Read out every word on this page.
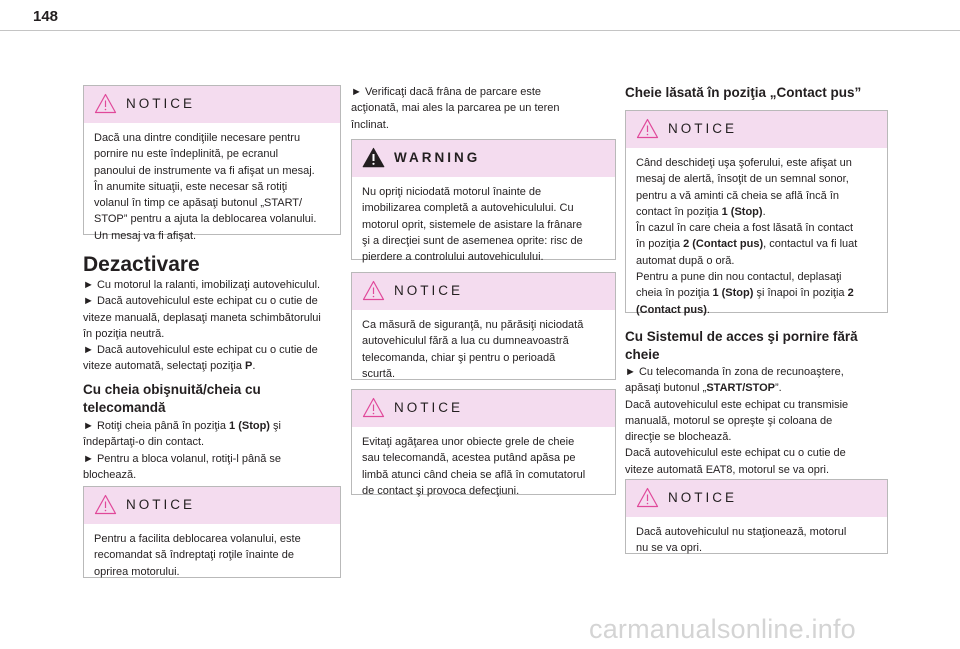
148
NOTICE
Dacă una dintre condiţiile necesare pentru
pornire nu este îndeplinită, pe ecranul
panoului de instrumente va fi afişat un mesaj.
În anumite situaţii, este necesar să rotiţi
volanul în timp ce apăsaţi butonul „START/
STOP” pentru a ajuta la deblocarea volanului.
Un mesaj va fi afişat.
Dezactivare
► Cu motorul la ralanti, imobilizaţi autovehiculul.
► Dacă autovehiculul este echipat cu o cutie de
viteze manuală, deplasaţi maneta schimbătorului
în poziţia neutră.
► Dacă autovehiculul este echipat cu o cutie de
viteze automată, selectaţi poziţia P.
Cu cheia obişnuită/cheia cu
telecomandă
► Rotiţi cheia până în poziţia 1 (Stop) şi
îndepărtaţi-o din contact.
► Pentru a bloca volanul, rotiţi-l până se
blochează.
NOTICE
Pentru a facilita deblocarea volanului, este
recomandat să îndreptaţi roţile înainte de
oprirea motorului.
► Verificaţi dacă frâna de parcare este
acţionată, mai ales la parcarea pe un teren
înclinat.
WARNING
Nu opriţi niciodată motorul înainte de
imobilizarea completă a autovehiculului. Cu
motorul oprit, sistemele de asistare la frânare
şi a direcţiei sunt de asemenea oprite: risc de
pierdere a controlului autovehiculului.
NOTICE
Ca măsură de siguranţă, nu părăsiţi niciodată
autovehiculul fără a lua cu dumneavoastră
telecomanda, chiar şi pentru o perioadă
scurtă.
NOTICE
Evitaţi agăţarea unor obiecte grele de cheie
sau telecomandă, acestea putând apăsa pe
limbă atunci când cheia se află în comutatorul
de contact şi provoca defecţiuni.
Cheie lăsată în poziţia „Contact pus”
NOTICE
Când deschideţi uşa şoferului, este afişat un
mesaj de alertă, însoţit de un semnal sonor,
pentru a vă aminti că cheia se află încă în
contact în poziţia 1 (Stop).
În cazul în care cheia a fost lăsată în contact
în poziţia 2 (Contact pus), contactul va fi luat
automat după o oră.
Pentru a pune din nou contactul, deplasaţi
cheia în poziţia 1 (Stop) şi înapoi în poziţia 2
(Contact pus).
Cu Sistemul de acces şi pornire fără
cheie
► Cu telecomanda în zona de recunoaştere,
apăsaţi butonul „START/STOP”.
Dacă autovehiculul este echipat cu transmisie
manuală, motorul se opreşte şi coloana de
direcţie se blochează.
Dacă autovehiculul este echipat cu o cutie de
viteze automată EAT8, motorul se va opri.
NOTICE
Dacă autovehiculul nu staţionează, motorul
nu se va opri.
carmanualsonline.info
